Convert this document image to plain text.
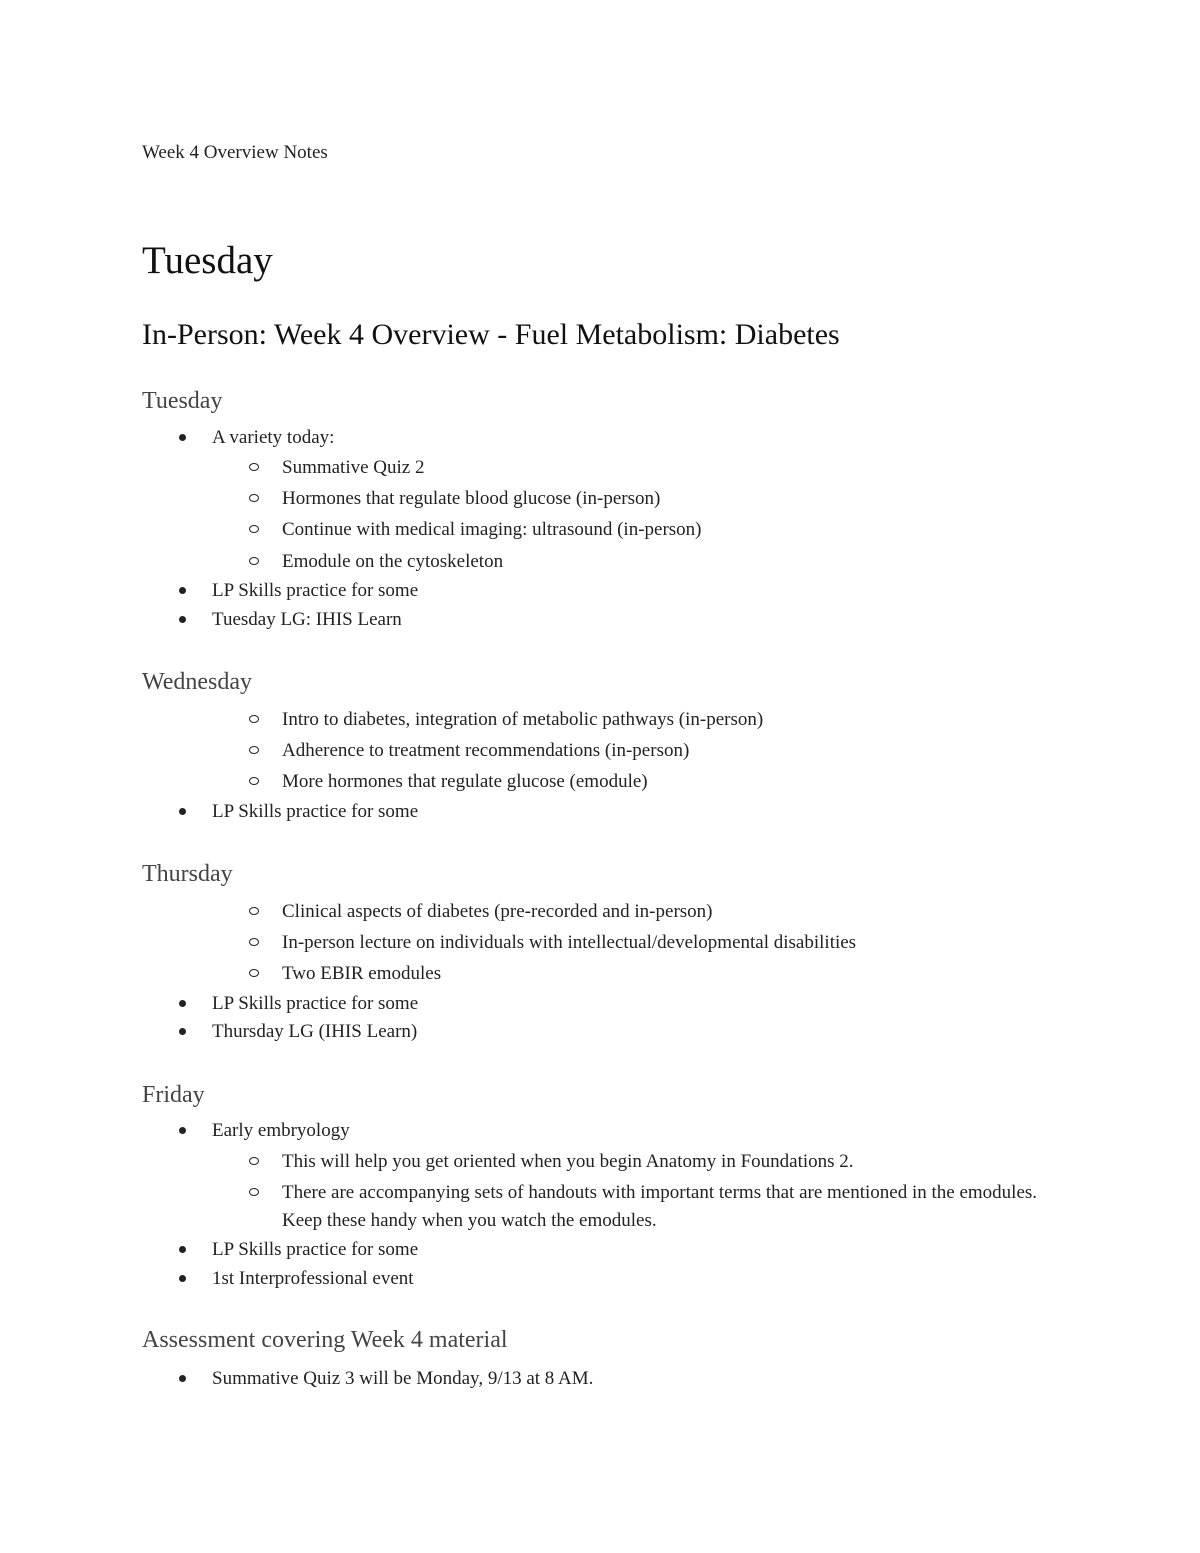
Week 4 Overview Notes
Tuesday
In-Person: Week 4 Overview - Fuel Metabolism: Diabetes
Tuesday
A variety today:
Summative Quiz 2
Hormones that regulate blood glucose (in-person)
Continue with medical imaging: ultrasound (in-person)
Emodule on the cytoskeleton
LP Skills practice for some
Tuesday LG: IHIS Learn
Wednesday
Intro to diabetes, integration of metabolic pathways (in-person)
Adherence to treatment recommendations (in-person)
More hormones that regulate glucose (emodule)
LP Skills practice for some
Thursday
Clinical aspects of diabetes (pre-recorded and in-person)
In-person lecture on individuals with intellectual/developmental disabilities
Two EBIR emodules
LP Skills practice for some
Thursday LG (IHIS Learn)
Friday
Early embryology
This will help you get oriented when you begin Anatomy in Foundations 2.
There are accompanying sets of handouts with important terms that are mentioned in the emodules. Keep these handy when you watch the emodules.
LP Skills practice for some
1st Interprofessional event
Assessment covering Week 4 material
Summative Quiz 3 will be Monday, 9/13 at 8 AM.
